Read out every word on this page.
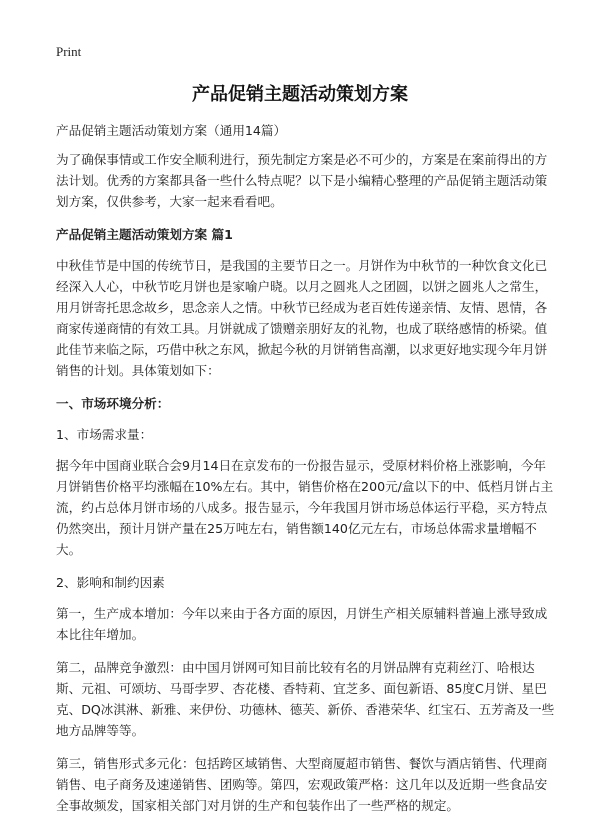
Print
产品促销主题活动策划方案

产品促销主题活动策划方案（通用14篇）

为了确保事情或工作安全顺利进行，预先制定方案是必不可少的，方案是在案前得出的方法计划。优秀的方案都具备一些什么特点呢？以下是小编精心整理的产品促销主题活动策划方案，仅供参考，大家一起来看看吧。

产品促销主题活动策划方案 篇1

中秋佳节是中国的传统节日，是我国的主要节日之一。月饼作为中秋节的一种饮食文化已经深入人心，中秋节吃月饼也是家喻户晓。以月之圆兆人之团圆，以饼之圆兆人之常生，用月饼寄托思念故乡，思念亲人之情。中秋节已经成为老百姓传递亲情、友情、恩情，各商家传递商情的有效工具。月饼就成了馈赠亲朋好友的礼物，也成了联络感情的桥梁。值此佳节来临之际，巧借中秋之东风，掀起今秋的月饼销售高潮，以求更好地实现今年月饼销售的计划。具体策划如下：

一、市场环境分析：

1、市场需求量：

据今年中国商业联合会9月14日在京发布的一份报告显示，受原材料价格上涨影响，今年月饼销售价格平均涨幅在10%左右。其中，销售价格在200元/盒以下的中、低档月饼占主流，约占总体月饼市场的八成多。报告显示，今年我国月饼市场总体运行平稳，买方特点仍然突出，预计月饼产量在25万吨左右，销售额140亿元左右，市场总体需求量增幅不大。

2、影响和制约因素

第一，生产成本增加：今年以来由于各方面的原因，月饼生产相关原辅料普遍上涨导致成本比往年增加。

第二，品牌竞争激烈：由中国月饼网可知目前比较有名的月饼品牌有克莉丝汀、哈根达斯、元祖、可颂坊、马哥孛罗、杏花楼、香特莉、宜芝多、面包新语、85度C月饼、星巴克、DQ冰淇淋、新雅、来伊份、功德林、德芙、新侨、香港荣华、红宝石、五芳斋及一些地方品牌等等。

第三，销售形式多元化：包括跨区域销售、大型商厦超市销售、餐饮与酒店销售、代理商销售、电子商务及速递销售、团购等。第四，宏观政策严格：这几年以及近期一些食品安全事故频发，国家相关部门对月饼的生产和包装作出了一些严格的规定。
